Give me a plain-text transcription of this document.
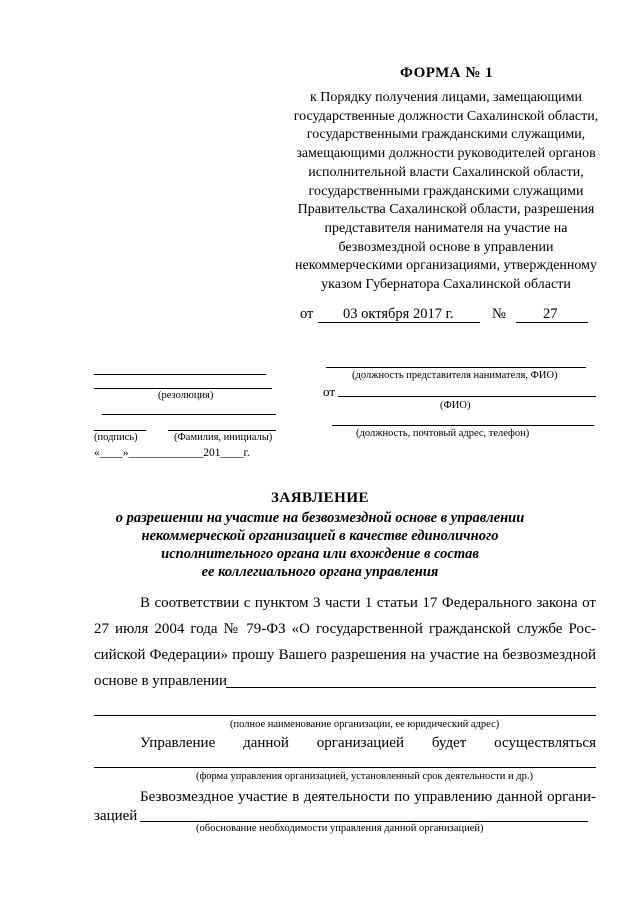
ФОРМА № 1
к Порядку получения лицами, замещающими государственные должности Сахалинской области, государственными гражданскими служащими, замещающими должности руководителей органов исполнительной власти Сахалинской области, государственными гражданскими служащими Правительства Сахалинской области, разрешения представителя нанимателя на участие на безвозмездной основе в управлении некоммерческими организациями, утвержденному указом Губернатора Сахалинской области
от 03 октября 2017 г.	№	27
(резолюция)
(подпись)	(Фамилия, инициалы)
«____»_____________201____г.
(должность представителя нанимателя, ФИО)
от
(ФИО)
(должность, почтовый адрес, телефон)
ЗАЯВЛЕНИЕ
о разрешении на участие на безвозмездной основе в управлении
некоммерческой организацией в качестве единоличного
исполнительного органа или вхождение в состав
ее коллегиального органа управления
В соответствии с пунктом 3 части 1 статьи 17 Федерального закона от
27 июля 2004 года № 79-ФЗ «О государственной гражданской службе Рос-
сийской Федерации» прошу Вашего разрешения на участие на безвозмездной
основе в управлении
(полное наименование организации, ее юридический адрес)
Управление данной организацией будет осуществляться
(форма управления организацией, установленный срок деятельности и др.)
Безвозмездное участие в деятельности по управлению данной органи-
зацией
(обоснование необходимости управления данной организацией)
